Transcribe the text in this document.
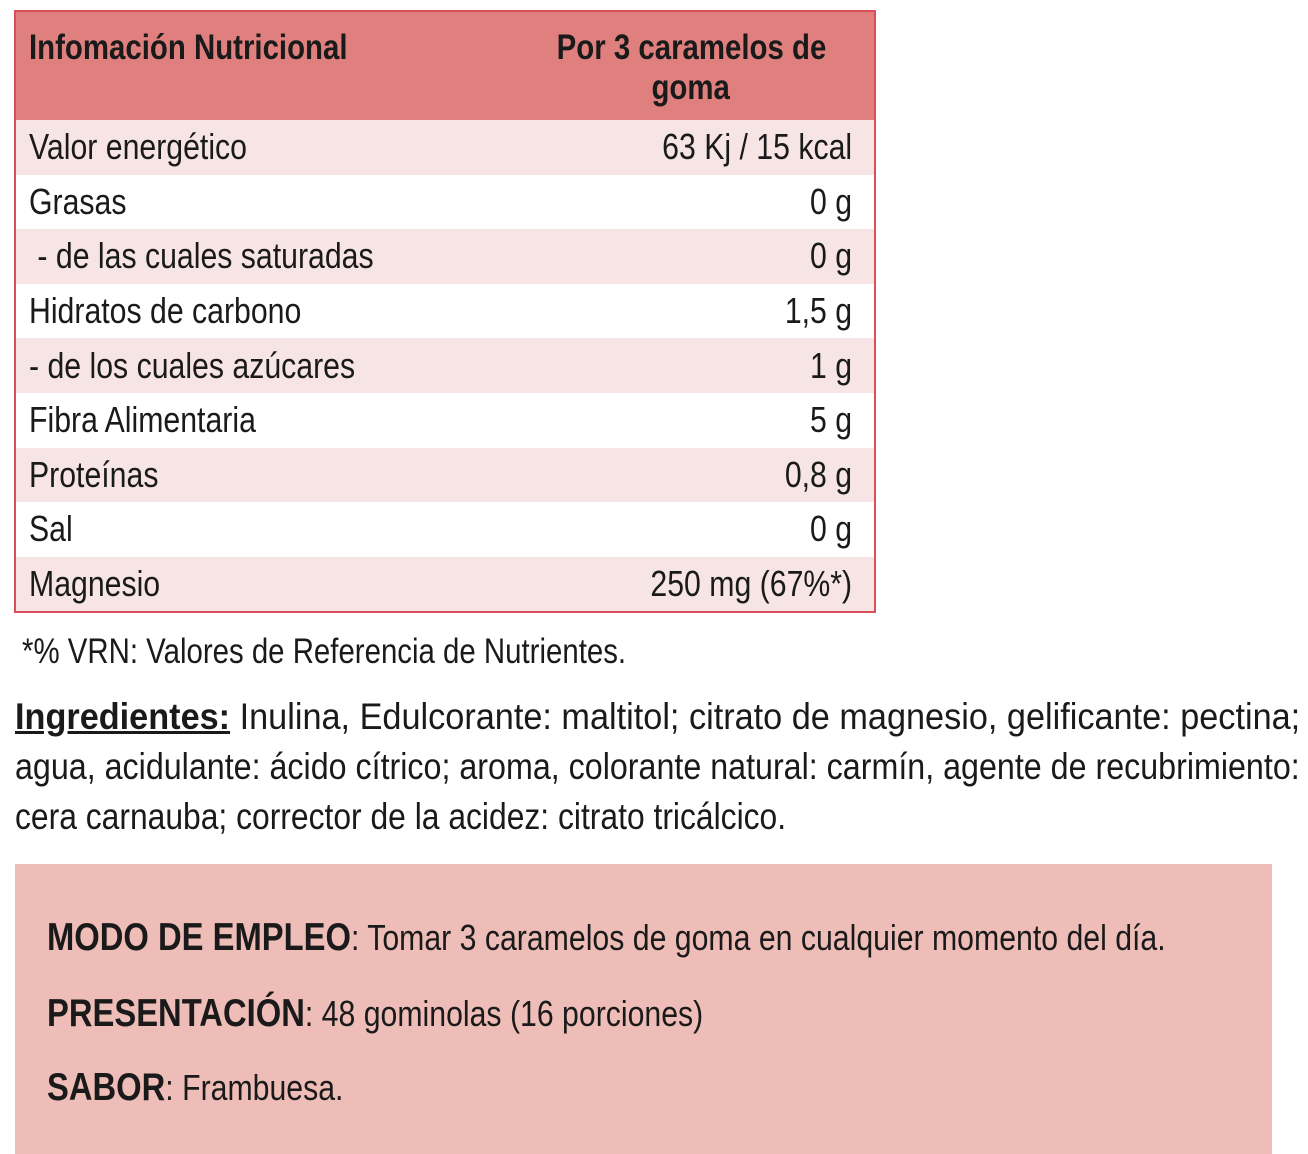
Infomación Nutricional	Por 3 caramelos de
goma
Valor energético	63 Kj / 15 kcal
Grasas	0 g
- de las cuales saturadas	0 g
Hidratos de carbono	1,5 g
- de los cuales azúcares	1 g
Fibra Alimentaria	5 g
Proteínas	0,8 g
Sal	0 g
Magnesio	250 mg (67%*)
*% VRN: Valores de Referencia de Nutrientes.
Ingredientes: Inulina, Edulcorante: maltitol; citrato de magnesio, gelificante: pectina;
agua, acidulante: ácido cítrico; aroma, colorante natural: carmín, agente de recubrimiento:
cera carnauba; corrector de la acidez: citrato tricálcico.
MODO DE EMPLEO: Tomar 3 caramelos de goma en cualquier momento del día.
PRESENTACIÓN: 48 gominolas (16 porciones)
SABOR: Frambuesa.
